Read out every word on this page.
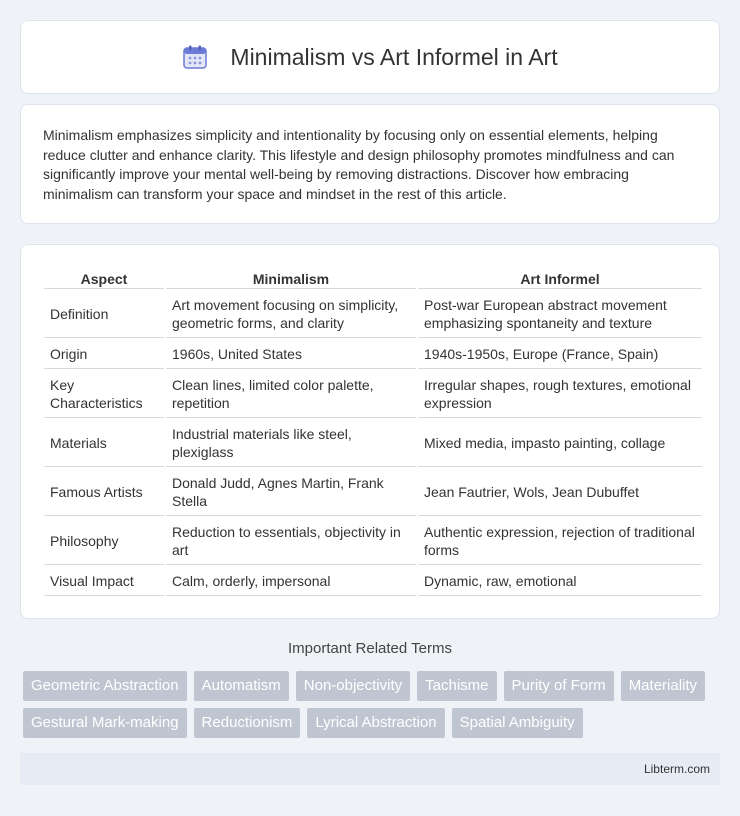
Minimalism vs Art Informel in Art

Minimalism emphasizes simplicity and intentionality by focusing only on essential elements, helping reduce clutter and enhance clarity. This lifestyle and design philosophy promotes mindfulness and can significantly improve your mental well-being by removing distractions. Discover how embracing minimalism can transform your space and mindset in the rest of this article.

Aspect	Minimalism	Art Informel
Definition	Art movement focusing on simplicity, geometric forms, and clarity	Post-war European abstract movement emphasizing spontaneity and texture
Origin	1960s, United States	1940s-1950s, Europe (France, Spain)
Key Characteristics	Clean lines, limited color palette, repetition	Irregular shapes, rough textures, emotional expression
Materials	Industrial materials like steel, plexiglass	Mixed media, impasto painting, collage
Famous Artists	Donald Judd, Agnes Martin, Frank Stella	Jean Fautrier, Wols, Jean Dubuffet
Philosophy	Reduction to essentials, objectivity in art	Authentic expression, rejection of traditional forms
Visual Impact	Calm, orderly, impersonal	Dynamic, raw, emotional
Important Related Terms
Geometric Abstraction	Automatism	Non-objectivity	Tachisme	Purity of Form	Materiality
Gestural Mark-making	Reductionism	Lyrical Abstraction	Spatial Ambiguity
Libterm.com
